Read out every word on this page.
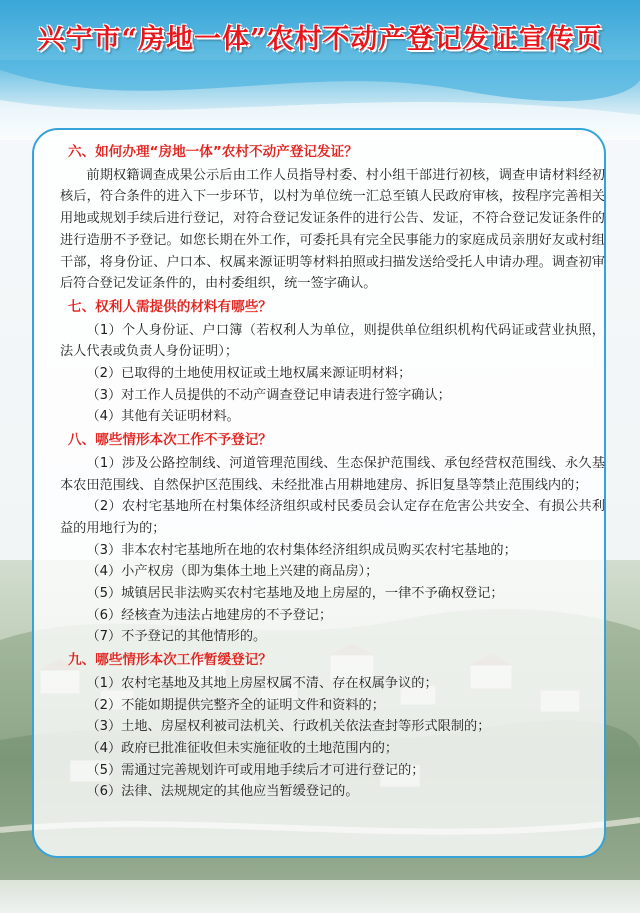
兴宁市“房地一体”农村不动产登记发证宣传页
六、如何办理“房地一体”农村不动产登记发证？

前期权籍调查成果公示后由工作人员指导村委、村小组干部进行初核，调查申请材料经初核后，符合条件的进入下一步环节，以村为单位统一汇总至镇人民政府审核，按程序完善相关用地或规划手续后进行登记，对符合登记发证条件的进行公告、发证，不符合登记发证条件的进行造册不予登记。如您长期在外工作，可委托具有完全民事能力的家庭成员亲朋好友或村组干部，将身份证、户口本、权属来源证明等材料拍照或扫描发送给受托人申请办理。调查初审后符合登记发证条件的，由村委组织，统一签字确认。

七、权利人需提供的材料有哪些？

（1）个人身份证、户口簿（若权利人为单位，则提供单位组织机构代码证或营业执照，法人代表或负责人身份证明）；

（2）已取得的土地使用权证或土地权属来源证明材料；

（3）对工作人员提供的不动产调查登记申请表进行签字确认；

（4）其他有关证明材料。

八、哪些情形本次工作不予登记？

（1）涉及公路控制线、河道管理范围线、生态保护范围线、承包经营权范围线、永久基本农田范围线、自然保护区范围线、未经批准占用耕地建房、拆旧复垦等禁止范围线内的；

（2）农村宅基地所在村集体经济组织或村民委员会认定存在危害公共安全、有损公共利益的用地行为的；

（3）非本农村宅基地所在地的农村集体经济组织成员购买农村宅基地的；

（4）小产权房（即为集体土地上兴建的商品房）；

（5）城镇居民非法购买农村宅基地及地上房屋的，一律不予确权登记；

（6）经核查为违法占地建房的不予登记；

（7）不予登记的其他情形的。

九、哪些情形本次工作暂缓登记？

（1）农村宅基地及其地上房屋权属不清、存在权属争议的；

（2）不能如期提供完整齐全的证明文件和资料的；

（3）土地、房屋权利被司法机关、行政机关依法查封等形式限制的；

（4）政府已批准征收但未实施征收的土地范围内的；

（5）需通过完善规划许可或用地手续后才可进行登记的；

（6）法律、法规规定的其他应当暂缓登记的。
